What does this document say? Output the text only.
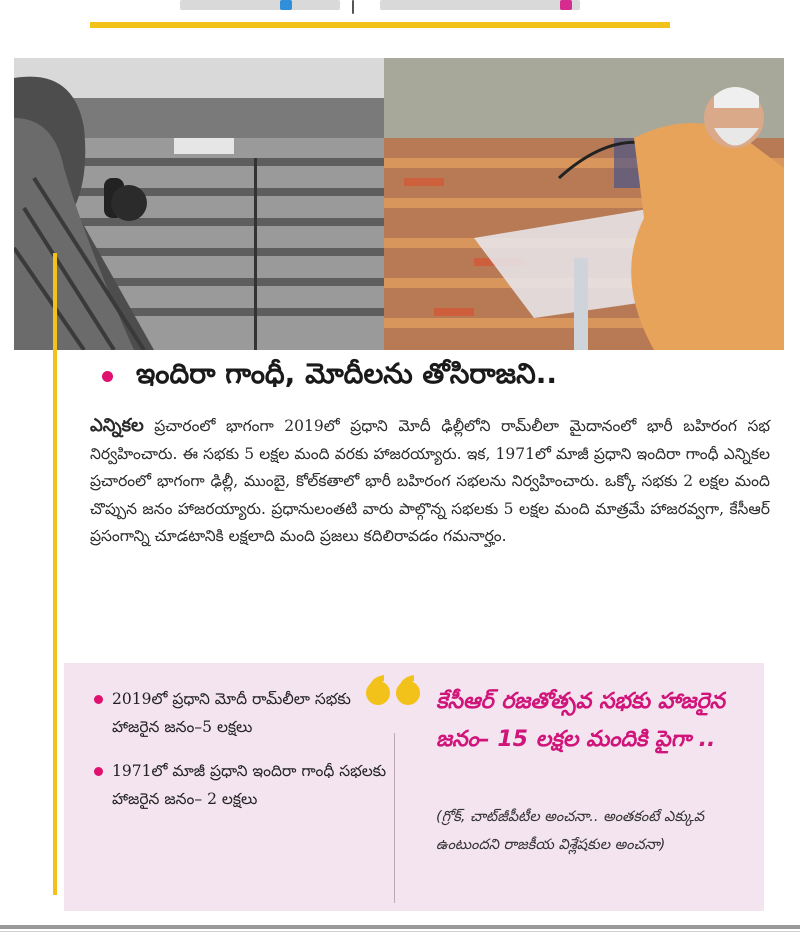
ఇందిరా గాంధీ, మోదీలను తోసిరాజని..
ఎన్నికల ప్రచారంలో భాగంగా 2019లో ప్రధాని మోదీ ఢిల్లీలోని రామ్‌లీలా మైదానంలో భారీ బహిరంగ సభ నిర్వహించారు. ఈ సభకు 5 లక్షల మంది వరకు హాజరయ్యారు. ఇక, 1971లో మాజీ ప్రధాని ఇందిరా గాంధీ ఎన్నికల ప్రచారంలో భాగంగా ఢిల్లీ, ముంబై, కోల్‌కతాలో భారీ బహిరంగ సభలను నిర్వహించారు. ఒక్కో సభకు 2 లక్షల మంది చొప్పున జనం హాజరయ్యారు. ప్రధానులంతటి వారు పాల్గొన్న సభలకు 5 లక్షల మంది మాత్రమే హాజరవ్వగా, కేసీఆర్ ప్రసంగాన్ని చూడటానికి లక్షలాది మంది ప్రజలు కదిలిరావడం గమనార్హం.
2019లో ప్రధాని మోదీ రామ్‌లీలా సభకు హాజరైన జనం–5 లక్షలు
1971లో మాజీ ప్రధాని ఇందిరా గాంధీ సభలకు హాజరైన జనం– 2 లక్షలు
కేసీఆర్ రజతోత్సవ సభకు హాజరైన జనం– 15 లక్షల మందికి పైగా ..
(గ్రోక్, చాట్‌జీపీటీల అంచనా.. అంతకంటే ఎక్కువ ఉంటుందని రాజకీయ విశ్లేషకుల అంచనా)
